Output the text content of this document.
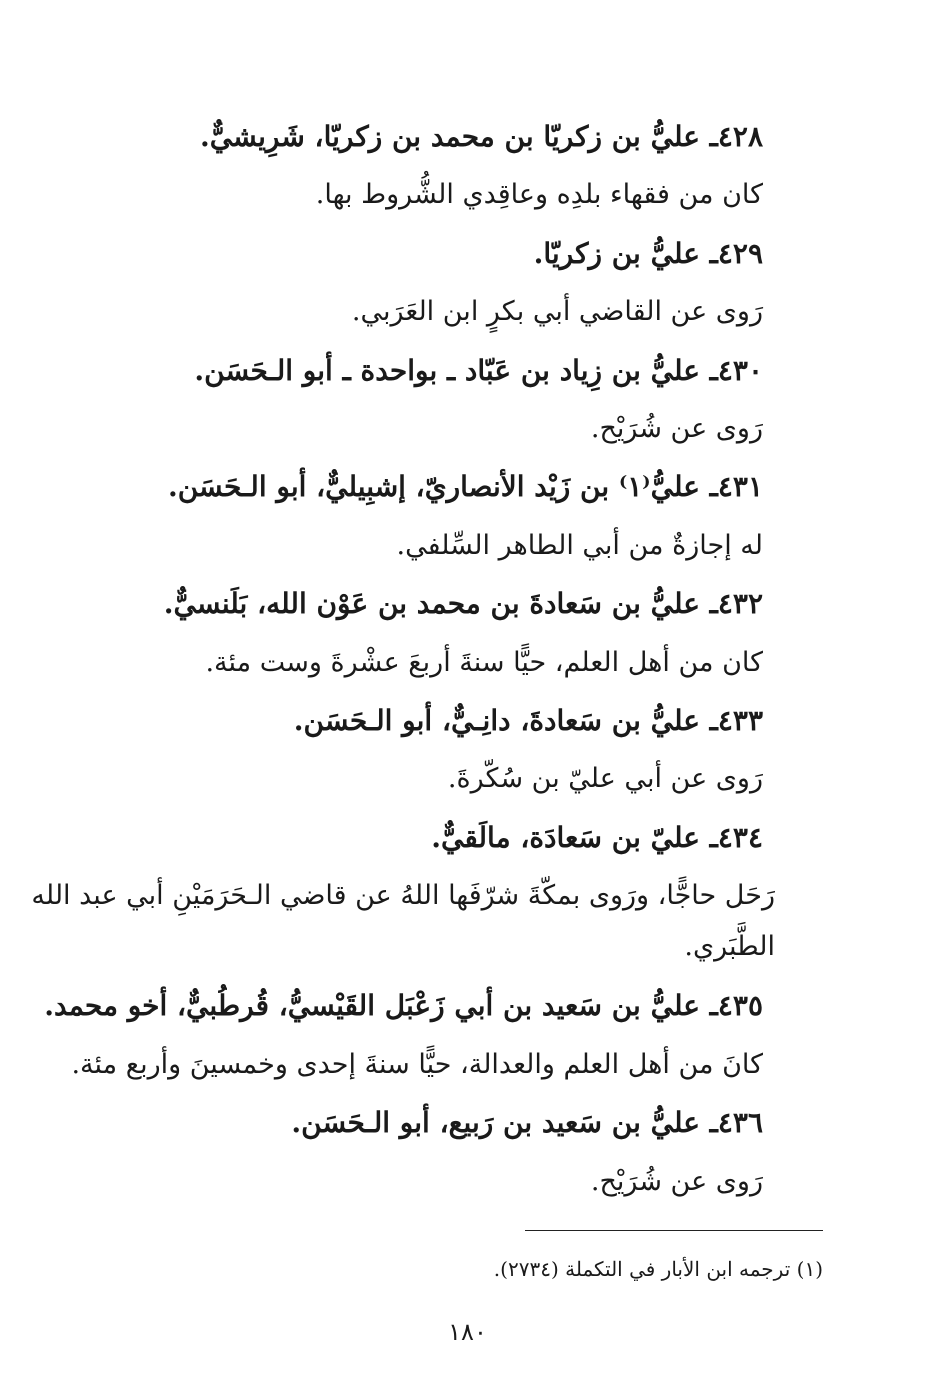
٤٢٨ـ عليُّ بن زكريّا بن محمد بن زكريّا، شَرِيشيٌّ.
كان من فقهاء بلدِه وعاقِدي الشُّروط بها.
٤٢٩ـ عليُّ بن زكريّا.
رَوى عن القاضي أبي بكرٍ ابن العَرَبي.
٤٣٠ـ عليُّ بن زِياد بن عَبّاد ـ بواحدة ـ أبو الـحَسَن.
رَوى عن شُرَيْح.
٤٣١ـ عليُّ⁽١⁾ بن زَيْد الأنصاريّ، إشبِيليٌّ، أبو الـحَسَن.
له إجازةٌ من أبي الطاهر السِّلفي.
٤٣٢ـ عليُّ بن سَعادةَ بن محمد بن عَوْن الله، بَلَنسيٌّ.
كان من أهل العلم، حيًّا سنةَ أربعَ عشْرةَ وست مئة.
٤٣٣ـ عليُّ بن سَعادةَ، دانِـيٌّ، أبو الـحَسَن.
رَوى عن أبي عليّ بن سُكّرةَ.
٤٣٤ـ عليّ بن سَعادَة، مالَقيٌّ.
رَحَل حاجًّا، ورَوى بمكّةَ شرّفَها اللهُ عن قاضي الـحَرَمَيْنِ أبي عبد الله
الطَّبَري.
٤٣٥ـ عليُّ بن سَعيد بن أبي زَعْبَل القَيْسيُّ، قُرطُبيٌّ، أخو محمد.
كانَ من أهل العلم والعدالة، حيًّا سنةَ إحدى وخمسينَ وأربع مئة.
٤٣٦ـ عليُّ بن سَعيد بن رَبيع، أبو الـحَسَن.
رَوى عن شُرَيْح.
(١) ترجمه ابن الأبار في التكملة (٢٧٣٤).
١٨٠
